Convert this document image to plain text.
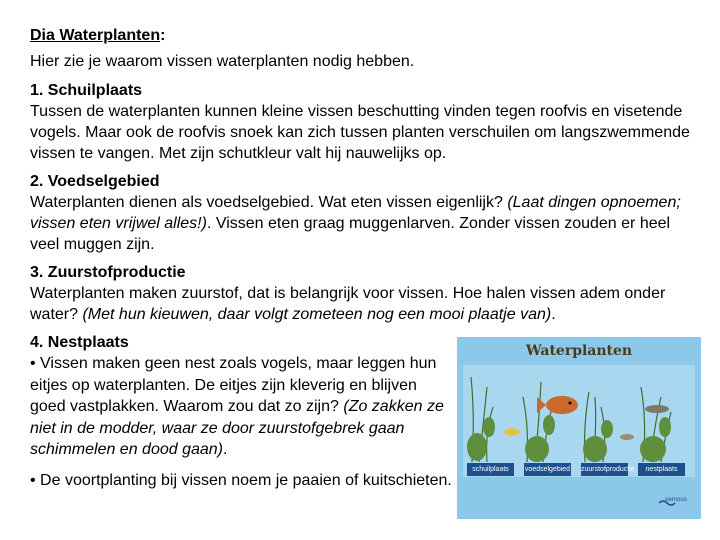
Dia Waterplanten:
Hier zie je waarom vissen waterplanten nodig hebben.
1. Schuilplaats

Tussen de waterplanten kunnen kleine vissen beschutting vinden tegen roofvis en visetende vogels. Maar ook de roofvis snoek kan zich tussen planten verschuilen om langszwemmende vissen te vangen. Met zijn schutkleur valt hij nauwelijks op.

2. Voedselgebied

Waterplanten dienen als voedselgebied. Wat eten vissen eigenlijk? (Laat dingen opnoemen; vissen eten vrijwel alles!). Vissen eten graag muggenlarven. Zonder vissen zouden er heel veel muggen zijn.

3. Zuurstofproductie

Waterplanten maken zuurstof, dat is belangrijk voor vissen. Hoe halen vissen adem onder water? (Met hun kieuwen, daar volgt zometeen nog een mooi plaatje van).

4. Nestplaats

• Vissen maken geen nest zoals vogels, maar leggen hun eitjes op waterplanten. De eitjes zijn kleverig en blijven goed vastplakken. Waarom zou dat zo zijn? (Zo zakken ze niet in de modder, waar ze door zuurstofgebrek gaan schimmelen en dood gaan).

• De voortplanting bij vissen noem je paaien of kuitschieten.
Waterplanten
schuilplaats	voedselgebied zuurstofproductie	nestplaats
pernous
